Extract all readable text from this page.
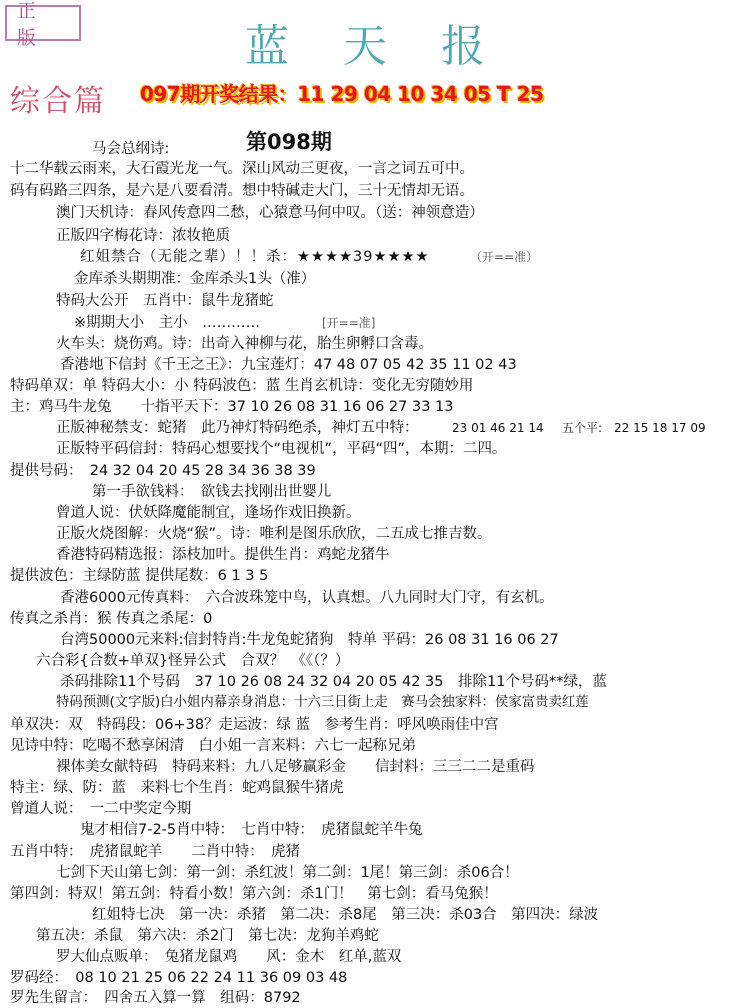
正 版	蓝天报
综合篇 097期开奖结果：11 29 04 10 34 05 T 25
第098期
马会总纲诗:
十二华载云雨来，大石霞光龙一气。深山风动三更夜，一言之词五可中。
码有码路三四条，是六是八要看清。想中特碱走大门，三十无情却无语。
澳门天机诗：春风传意四二愁，心猿意马何中叹。（送：神领意造）
正版四字梅花诗：浓妆艳质
红姐禁合（无能之辈）！！杀：★★★★39★★★★	（开==准）
金库杀头期期准：金库杀头1头（准）
特码大公开　五肖中：鼠牛龙猪蛇
※期期大小　主小　…………	[开==准]
火车头：烧伤鸡。诗：出奇入神柳与花，胎生卵孵口含毒。
香港地下信封《千王之王》：九宝莲灯：47 48 07 05 42 35 11 02 43
特码单双：单 特码大小：小 特码波色：蓝 生肖玄机诗：变化无穷随妙用
主：鸡马牛龙兔　　十指平天下：37 10 26 08 31 16 06 27 33 13
正版神秘禁支：蛇猪　此乃神灯特码绝杀，神灯五中特：	23 01 46 21 14 五个平: 22 15 18 17 09
正版特平码信封：特码心想要找个“电视机”，平码“四”，本期：二四。
提供号码：　24 32 04 20 45 28 34 36 38 39
第一手欲钱料：　欲钱去找刚出世婴儿
曾道人说：伏妖降魔能制宜，逢场作戏旧换新。
正版火烧图解：火烧“猴”。诗：唯利是图乐欣欣，二五成七推吉数。
香港特码精选报：添枝加叶。提供生肖：鸡蛇龙猪牛
提供波色：主绿防蓝 提供尾数：6 1 3 5
香港6000元传真料：　六合波珠笼中鸟，认真想。八九同时大门守，有玄机。
传真之杀肖：猴 传真之杀尾：0
台湾50000元来料:信封特肖:牛龙兔蛇猪狗　特单 平码：26 08 31 16 06 27
六合彩{合数+单双}怪异公式　合双？　《《（？）
杀码排除11个号码　37 10 26 08 24 32 04 20 05 42 35　排除11个号码**绿，蓝
特码预测(文字版)白小姐内幕亲身消息：十六三日街上走　赛马会独家料：侯家富贵卖红莲
单双决：双　特码段：06+38？走运波：绿 蓝　参考生肖：呼风唤雨佳中宫
见诗中特：吃喝不愁享闲清　白小姐一言来料：六七一起称兄弟
裸体美女献特码　特码来料：九八足够赢彩金　　信封料：三三二二是重码
特主：绿、防：蓝　来料七个生肖：蛇鸡鼠猴牛猪虎
曾道人说：　一二中奖定今期
鬼才相信7-2-5肖中特：　七肖中特：　虎猪鼠蛇羊牛兔
五肖中特：　虎猪鼠蛇羊　　二肖中特：　虎猪
七剑下天山第七剑：第一剑：杀红波！第二剑：1尾！第三剑：杀06合！
第四剑：特双！第五剑：特看小数！第六剑：杀1门！　第七剑：看马兔猴！
红姐特七决　第一决：杀猪　第二决：杀8尾　第三决：杀03合　第四决：绿波
第五决：杀鼠　第六决：杀2门　第七决：龙狗羊鸡蛇
罗大仙点贩单：　兔猪龙鼠鸡　　风：金木　红单,蓝双
罗码经：　08 10 21 25 06 22 24 11 36 09 03 48
罗先生留言：　四舍五入算一算　组码：8792
